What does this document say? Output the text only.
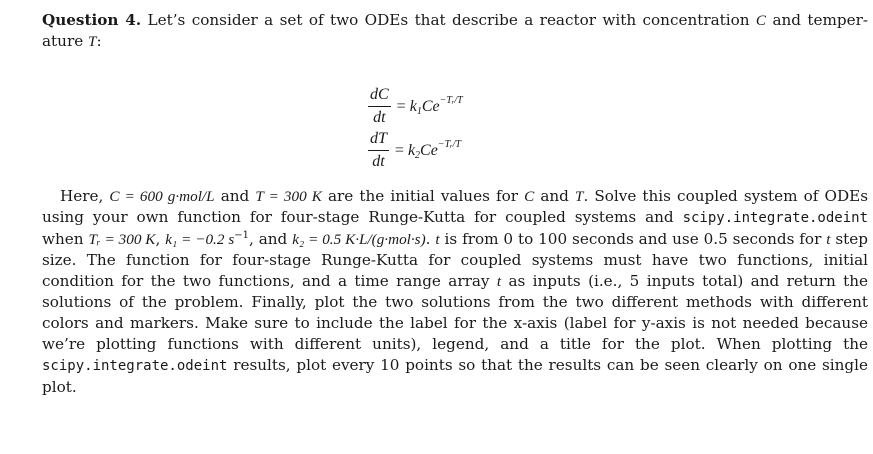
Question 4. Let’s consider a set of two ODEs that describe a reactor with concentration C and temper-ature T:

$\frac{dC}{dt} = k_1Ce^{-Tᵣ/T}$
$\frac{dT}{dt} = k_2Ce^{-Tᵣ/T}$

Here, C = 600 g·mol/L and T = 300 K are the initial values for C and T. Solve this coupled system of ODEs using your own function for four-stage Runge-Kutta for coupled systems and scipy.integrate.odeint when Tᵣ = 300 K, k₁ = −0.2 $s^{-1}$, and k₂ = 0.5 K·L/(g·mol·s). t is from 0 to 100 seconds and use 0.5 seconds for t step size. The function for four-stage Runge-Kutta for coupled systems must have two functions, initial condition for the two functions, and a time range array t as inputs (i.e., 5 inputs total) and return the solutions of the problem. Finally, plot the two solutions from the two different methods with different colors and markers. Make sure to include the label for the x-axis (label for y-axis is not needed because we’re plotting functions with different units), legend, and a title for the plot. When plotting the scipy.integrate.odeint results, plot every 10 points so that the results can be seen clearly on one single plot.
